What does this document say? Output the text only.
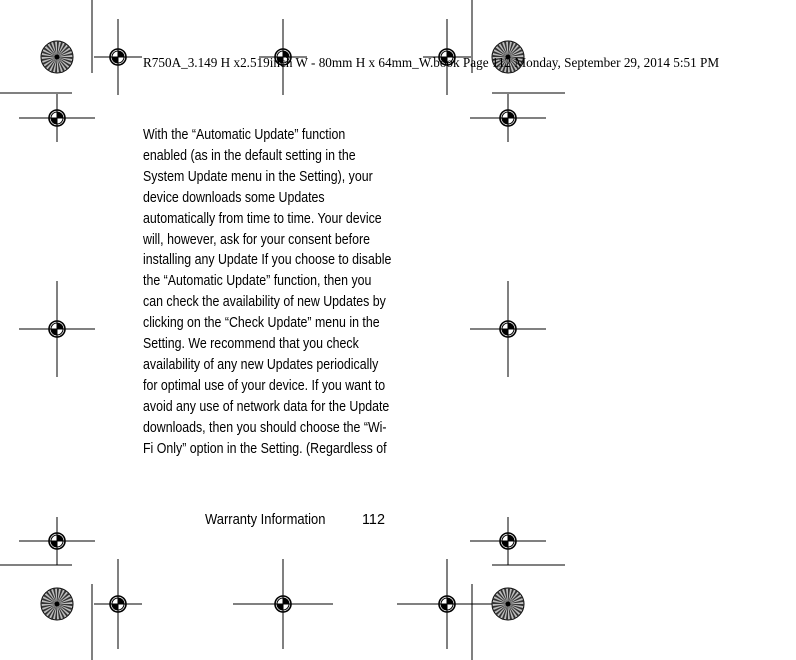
R750A_3.149 H x2.519inch W - 80mm H x 64mm_W.book Page 112 Monday, September 29, 2014 5:51 PM
With the “Automatic Update” function
enabled (as in the default setting in the
System Update menu in the Setting), your
device downloads some Updates
automatically from time to time. Your device
will, however, ask for your consent before
installing any Update If you choose to disable
the “Automatic Update” function, then you
can check the availability of new Updates by
clicking on the “Check Update” menu in the
Setting. We recommend that you check
availability of any new Updates periodically
for optimal use of your device. If you want to
avoid any use of network data for the Update
downloads, then you should choose the “Wi-
Fi Only” option in the Setting. (Regardless of
Warranty Information	112
